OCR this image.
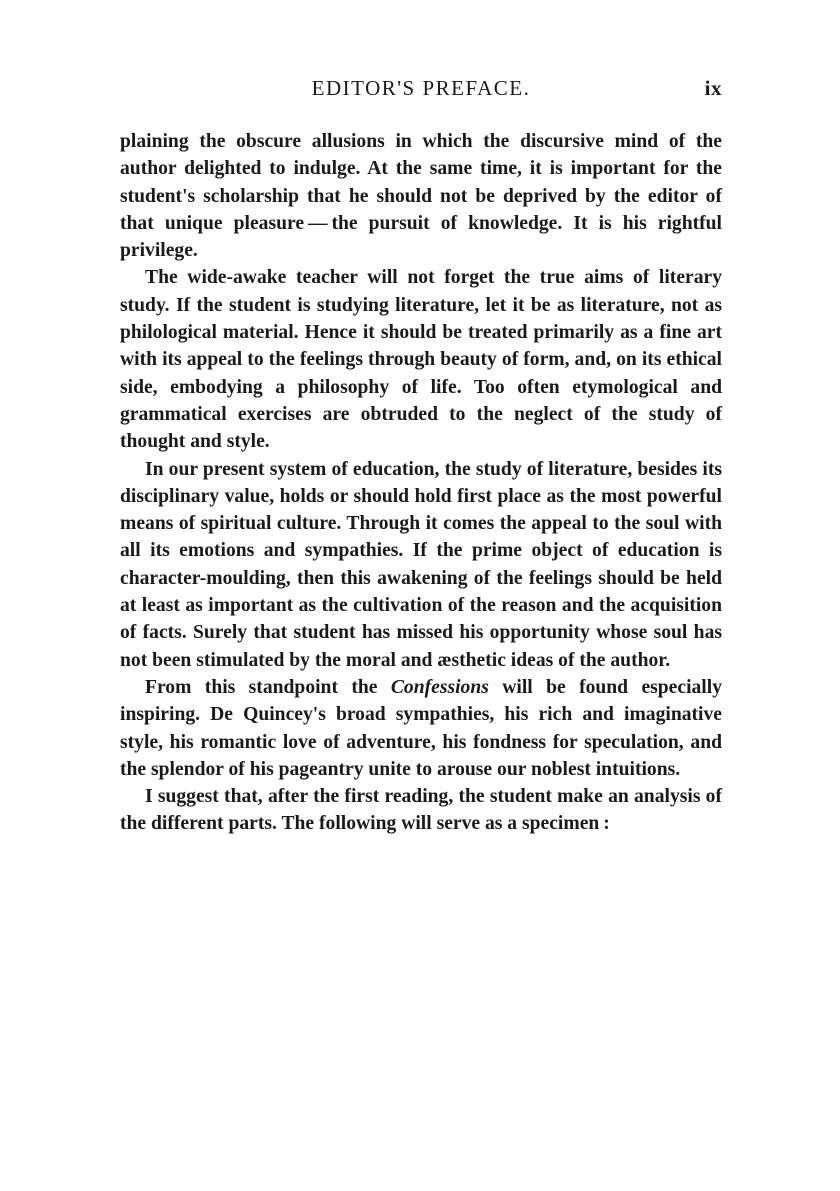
EDITOR'S PREFACE.	ix

plaining the obscure allusions in which the discursive mind of the author delighted to indulge. At the same time, it is important for the student's scholarship that he should not be deprived by the editor of that unique pleasure — the pursuit of knowledge. It is his rightful privilege.

The wide-awake teacher will not forget the true aims of literary study. If the student is studying literature, let it be as literature, not as philological material. Hence it should be treated primarily as a fine art with its appeal to the feelings through beauty of form, and, on its ethical side, embodying a philosophy of life. Too often etymological and grammatical exercises are obtruded to the neglect of the study of thought and style.

In our present system of education, the study of literature, besides its disciplinary value, holds or should hold first place as the most powerful means of spiritual culture. Through it comes the appeal to the soul with all its emotions and sympathies. If the prime object of education is character-moulding, then this awakening of the feelings should be held at least as important as the cultivation of the reason and the acquisition of facts. Surely that student has missed his opportunity whose soul has not been stimulated by the moral and æsthetic ideas of the author.

From this standpoint the Confessions will be found especially inspiring. De Quincey's broad sympathies, his rich and imaginative style, his romantic love of adventure, his fondness for speculation, and the splendor of his pageantry unite to arouse our noblest intuitions.

I suggest that, after the first reading, the student make an analysis of the different parts. The following will serve as a specimen :
